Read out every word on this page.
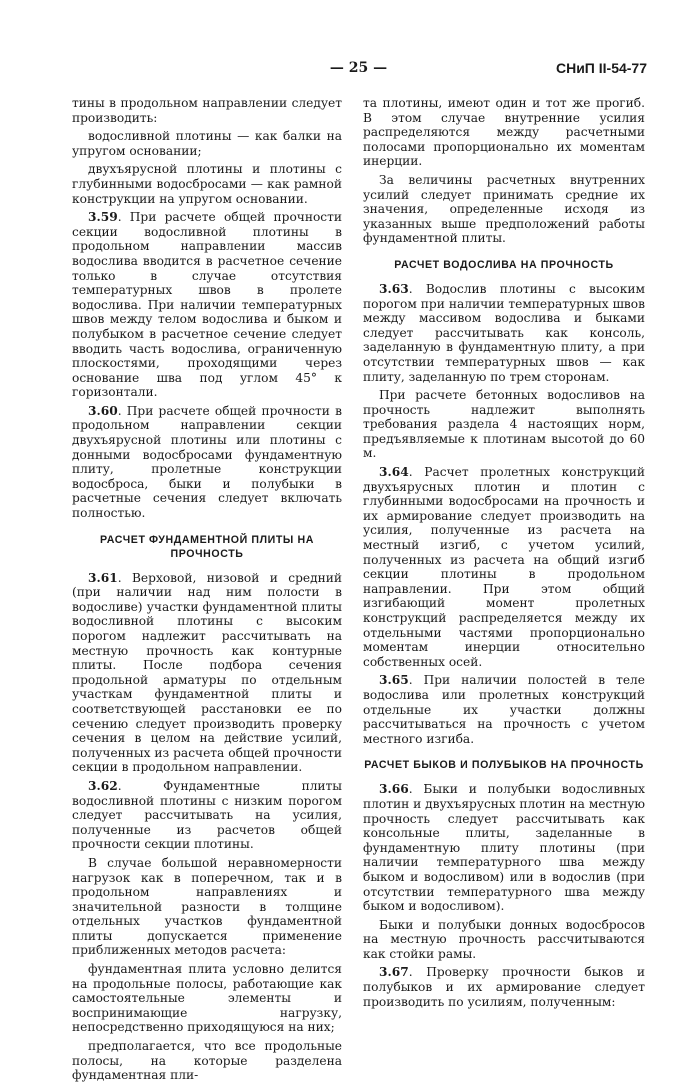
— 25 —	СНиП II-54-77

тины в продольном направлении следует производить:

водосливной плотины — как балки на упругом основании;

двухъярусной плотины и плотины с глубинными водосбросами — как рамной конструкции на упругом основании.

3.59. При расчете общей прочности секции водосливной плотины в продольном направлении массив водослива вводится в расчетное сечение только в случае отсутствия температурных швов в пролете водослива. При наличии температурных швов между телом водослива и быком и полубыком в расчетное сечение следует вводить часть водослива, ограниченную плоскостями, проходящими через основание шва под углом 45° к горизонтали.

3.60. При расчете общей прочности в продольном направлении секции двухъярусной плотины или плотины с донными водосбросами фундаментную плиту, пролетные конструкции водосброса, быки и полубыки в расчетные сечения следует включать полностью.

РАСЧЕТ ФУНДАМЕНТНОЙ ПЛИТЫ НА ПРОЧНОСТЬ

3.61. Верховой, низовой и средний (при наличии над ним полости в водосливе) участки фундаментной плиты водосливной плотины с высоким порогом надлежит рассчитывать на местную прочность как контурные плиты. После подбора сечения продольной арматуры по отдельным участкам фундаментной плиты и соответствующей расстановки ее по сечению следует производить проверку сечения в целом на действие усилий, полученных из расчета общей прочности секции в продольном направлении.

3.62. Фундаментные плиты водосливной плотины с низким порогом следует рассчитывать на усилия, полученные из расчетов общей прочности секции плотины.

В случае большой неравномерности нагрузок как в поперечном, так и в продольном направлениях и значительной разности в толщине отдельных участков фундаментной плиты допускается применение приближенных методов расчета:

фундаментная плита условно делится на продольные полосы, работающие как самостоятельные элементы и воспринимающие нагрузку, непосредственно приходящуюся на них;

предполагается, что все продольные полосы, на которые разделена фундаментная пли-

та плотины, имеют один и тот же прогиб. В этом случае внутренние усилия распределяются между расчетными полосами пропорционально их моментам инерции.

За величины расчетных внутренних усилий следует принимать средние их значения, определенные исходя из указанных выше предположений работы фундаментной плиты.

РАСЧЕТ ВОДОСЛИВА НА ПРОЧНОСТЬ

3.63. Водослив плотины с высоким порогом при наличии температурных швов между массивом водослива и быками следует рассчитывать как консоль, заделанную в фундаментную плиту, а при отсутствии температурных швов — как плиту, заделанную по трем сторонам.

При расчете бетонных водосливов на прочность надлежит выполнять требования раздела 4 настоящих норм, предъявляемые к плотинам высотой до 60 м.

3.64. Расчет пролетных конструкций двухъярусных плотин и плотин с глубинными водосбросами на прочность и их армирование следует производить на усилия, полученные из расчета на местный изгиб, с учетом усилий, полученных из расчета на общий изгиб секции плотины в продольном направлении. При этом общий изгибающий момент пролетных конструкций распределяется между их отдельными частями пропорционально моментам инерции относительно собственных осей.

3.65. При наличии полостей в теле водослива или пролетных конструкций отдельные их участки должны рассчитываться на прочность с учетом местного изгиба.

РАСЧЕТ БЫКОВ И ПОЛУБЫКОВ НА ПРОЧНОСТЬ

3.66. Быки и полубыки водосливных плотин и двухъярусных плотин на местную прочность следует рассчитывать как консольные плиты, заделанные в фундаментную плиту плотины (при наличии температурного шва между быком и водосливом) или в водослив (при отсутствии температурного шва между быком и водосливом).

Быки и полубыки донных водосбросов на местную прочность рассчитываются как стойки рамы.

3.67. Проверку прочности быков и полубыков и их армирование следует производить по усилиям, полученным:
